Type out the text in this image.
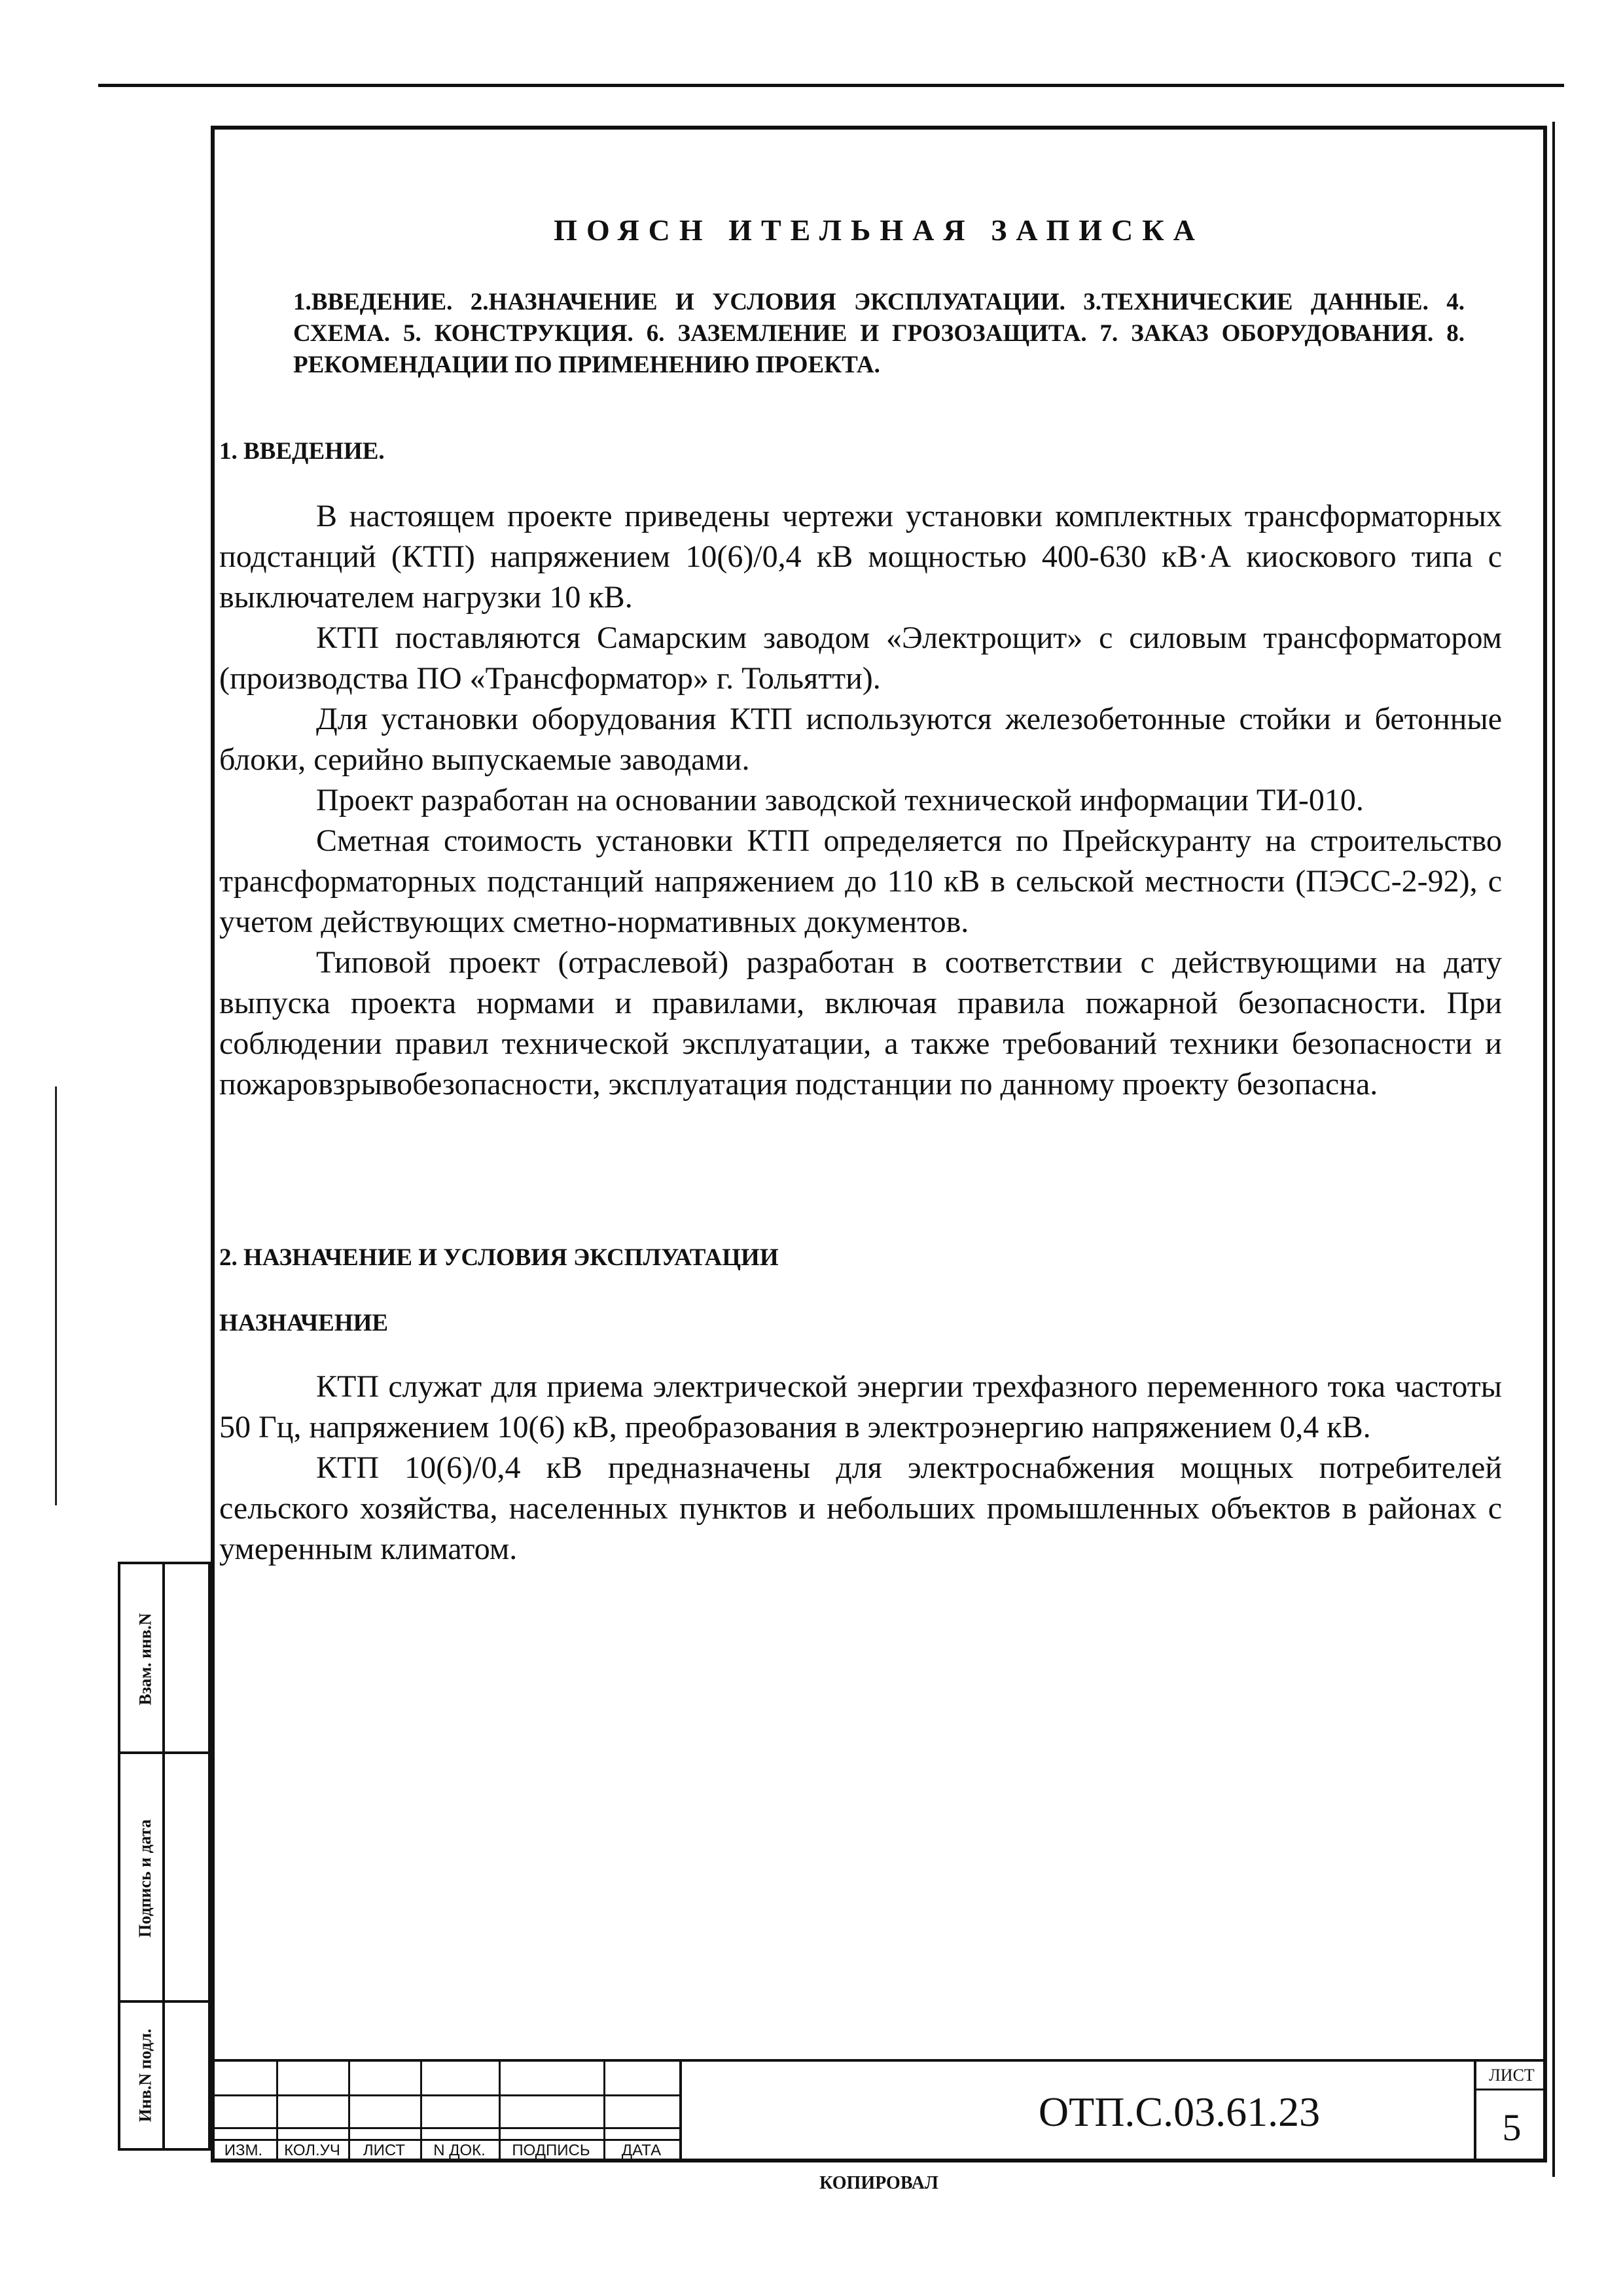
ПОЯСН ИТЕЛЬНАЯ ЗАПИСКА
1.ВВЕДЕНИЕ. 2.НАЗНАЧЕНИЕ И УСЛОВИЯ ЭКСПЛУАТАЦИИ. 3.ТЕХНИЧЕСКИЕ ДАННЫЕ. 4. СХЕМА. 5. КОНСТРУКЦИЯ. 6. ЗАЗЕМЛЕНИЕ И ГРОЗОЗАЩИТА. 7. ЗАКАЗ ОБОРУДОВАНИЯ. 8. РЕКОМЕНДАЦИИ ПО ПРИМЕНЕНИЮ ПРОЕКТА.
1. ВВЕДЕНИЕ.

В настоящем проекте приведены чертежи установки комплектных трансформаторных подстанций (КТП) напряжением 10(6)/0,4 кВ мощностью 400-630 кВ·А киоскового типа с выключателем нагрузки 10 кВ.

КТП поставляются Самарским заводом «Электрощит» с силовым трансформатором (производства ПО «Трансформатор» г. Тольятти).

Для установки оборудования КТП используются железобетонные стойки и бетонные блоки, серийно выпускаемые заводами.

Проект разработан на основании заводской технической информации ТИ-010.

Сметная стоимость установки КТП определяется по Прейскуранту на строительство трансформаторных подстанций напряжением до 110 кВ в сельской местности (ПЭСС-2-92), с учетом действующих сметно-нормативных документов.

Типовой проект (отраслевой) разработан в соответствии с действующими на дату выпуска проекта нормами и правилами, включая правила пожарной безопасности. При соблюдении правил технической эксплуатации, а также требований техники безопасности и пожаровзрывобезопасности, эксплуатация подстанции по данному проекту безопасна.

2. НАЗНАЧЕНИЕ И УСЛОВИЯ ЭКСПЛУАТАЦИИ
НАЗНАЧЕНИЕ

КТП служат для приема электрической энергии трехфазного переменного тока частоты 50 Гц, напряжением 10(6) кВ, преобразования в электроэнергию напряжением 0,4 кВ.

КТП 10(6)/0,4 кВ предназначены для электроснабжения мощных потребителей сельского хозяйства, населенных пунктов и небольших промышленных объектов в районах с умеренным климатом.

Взам. инв.N
Подпись и дата
Инв.N подл.
ИЗМ.	КОЛ.УЧ	ЛИСТ	N ДОК.	ПОДПИСЬ	ДАТА
ОТП.С.03.61.23
ЛИСТ
5
КОПИРОВАЛ
